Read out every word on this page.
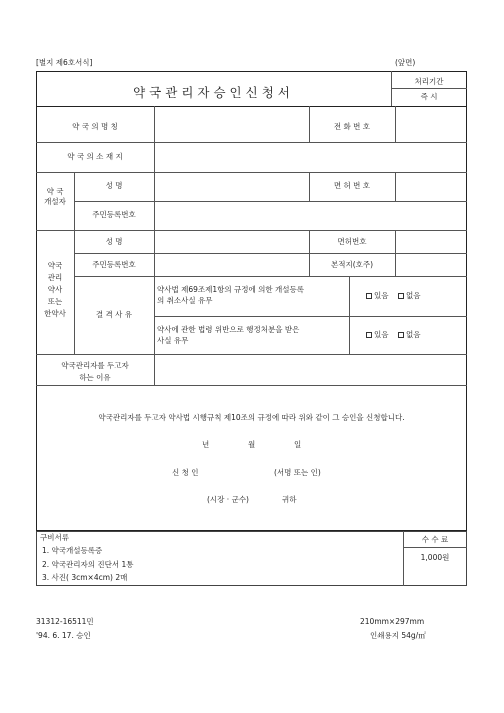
[별지 제6호서식]	(앞면)
약국관리자승인신청서
처리기간
즉 시
약 국 의 명 칭	전 화 번 호
약 국 의 소 재 지
약 국
개설자
성 명	면 허 번 호
주민등록번호
약국
관리
약사
또는
한약사
성 명	면허번호
주민등록번호	본적지(호주)
결 격 사 유
약사법 제69조제1항의 규정에 의한 개설등록
의 취소사실 유무
있음 없음
약사에 관한 법령 위반으로 행정처분을 받은
사실 유무
있음 없음
약국관리자를 두고자
하는 이유
약국관리자를 두고자 약사법 시행규칙 제10조의 규정에 따라 위와 같이 그 승인을 신청합니다.
년	월	일
신 청 인	(서명 또는 인)
(시장 · 군수)	귀하
구비서류
1. 약국개설등록증
2. 약국관리자의 진단서 1통
3. 사진( 3cm×4cm) 2매
수 수 료
1,000원
31312-16511민
'94. 6. 17. 승인
210mm×297mm
인쇄용지 54g/㎡
